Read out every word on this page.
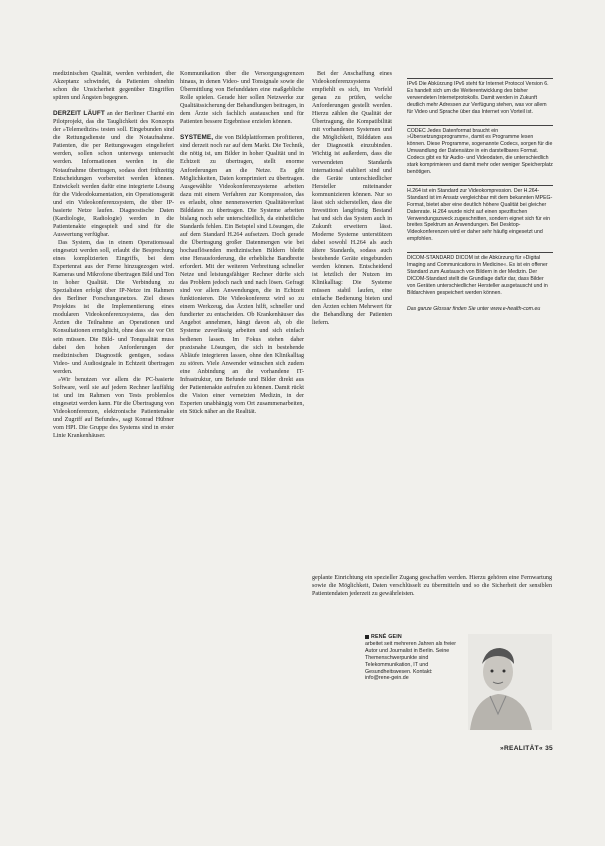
medizinischen Qualität, werden verhindert, die Akzeptanz schwindet, da Patienten ohnehin schon die Unsicherheit gegenüber Eingriffen spüren und Ängsten begegnen.

DERZEIT LÄUFT an der Berliner Charité ein Pilotprojekt, das die Tauglichkeit des Konzepts der »Telemedizin« testen soll. Eingebunden sind die Rettungsdienste und die Notaufnahme. Patienten, die per Rettungswagen eingeliefert werden, sollen schon unterwegs untersucht werden. Informationen werden in die Notaufnahme übertragen, sodass dort frühzeitig Entscheidungen vorbereitet werden können. Entwickelt werden dafür eine integrierte Lösung für die Videodokumentation, ein Operationsgerät und ein Videokonferenzsystem, die über IP-basierte Netze laufen. Diagnostische Daten (Kardiologie, Radiologie) werden in die Patientenakte eingespielt und sind für die Auswertung verfügbar.

Das System, das in einem Operationssaal eingesetzt werden soll, erlaubt die Besprechung eines komplizierten Eingriffs, bei dem Expertenrat aus der Ferne hinzugezogen wird. Kameras und Mikrofone übertragen Bild und Ton in hoher Qualität. Die Verbindung zu Spezialisten erfolgt über IP-Netze im Rahmen des Berliner Forschungsnetzes. Ziel dieses Projektes ist die Implementierung eines modularen Videokonferenzsystems, das den Ärzten die Teilnahme an Operationen und Konsultationen ermöglicht, ohne dass sie vor Ort sein müssen. Die Bild- und Tonqualität muss dabei den hohen Anforderungen der medizinischen Diagnostik genügen, sodass Video- und Audiosignale in Echtzeit übertragen werden.

»Wir benutzen vor allem die PC-basierte Software, weil sie auf jedem Rechner lauffähig ist und im Rahmen von Tests problemlos eingesetzt werden kann. Für die Übertragung von Videokonferenzen, elektronische Patientenakte und Zugriff auf Befunde«, sagt Konrad Hübner vom HPI. Die Gruppe des Systems sind in erster Linie Krankenhäuser.

Kommunikation über die Versorgungsgrenzen hinaus, in denen Video- und Tonsignale sowie die Übermittlung von Befunddaten eine maßgebliche Rolle spielen. Gerade hier sollen Netzwerke zur Qualitätssicherung der Behandlungen beitragen, in dem Ärzte sich fachlich austauschen und für Patienten bessere Ergebnisse erzielen können.

SYSTEME, die von Bildplattformen profitieren, sind derzeit noch rar auf dem Markt. Die Technik, die nötig ist, um Bilder in hoher Qualität und in Echtzeit zu übertragen, stellt enorme Anforderungen an die Netze. Es gibt Möglichkeiten, Daten komprimiert zu übertragen. Ausgewählte Videokonferenzsysteme arbeiten dazu mit einem Verfahren zur Kompression, das es erlaubt, ohne nennenswerten Qualitätsverlust Bilddaten zu übertragen. Die Systeme arbeiten bislang noch sehr unterschiedlich, da einheitliche Standards fehlen. Ein Beispiel sind Lösungen, die auf dem Standard H.264 aufsetzen. Doch gerade die Übertragung großer Datenmengen wie bei hochauflösenden medizinischen Bildern bleibt eine Herausforderung, die erhebliche Bandbreite erfordert. Mit der weiteren Verbreitung schneller Netze und leistungsfähiger Rechner dürfte sich das Problem jedoch nach und nach lösen. Gefragt sind vor allem Anwendungen, die in Echtzeit funktionieren. Die Videokonferenz wird so zu einem Werkzeug, das Ärzten hilft, schneller und fundierter zu entscheiden. Ob Krankenhäuser das Angebot annehmen, hängt davon ab, ob die Systeme zuverlässig arbeiten und sich einfach bedienen lassen. Im Fokus stehen daher praxisnahe Lösungen, die sich in bestehende Abläufe integrieren lassen, ohne den Klinikalltag zu stören. Viele Anwender wünschen sich zudem eine Anbindung an die vorhandene IT-Infrastruktur, um Befunde und Bilder direkt aus der Patientenakte aufrufen zu können. Damit rückt die Vision einer vernetzten Medizin, in der Experten unabhängig vom Ort zusammenarbeiten, ein Stück näher an die Realität.

Bei der Anschaffung eines Videokonferenzsystems empfiehlt es sich, im Vorfeld genau zu prüfen, welche Anforderungen gestellt werden. Hierzu zählen die Qualität der Übertragung, die Kompatibilität mit vorhandenen Systemen und die Möglichkeit, Bilddaten aus der Diagnostik einzubinden. Wichtig ist außerdem, dass die verwendeten Standards international etabliert sind und die Geräte unterschiedlicher Hersteller miteinander kommunizieren können. Nur so lässt sich sicherstellen, dass die Investition langfristig Bestand hat und sich das System auch in Zukunft erweitern lässt. Moderne Systeme unterstützen dabei sowohl H.264 als auch ältere Standards, sodass auch bestehende Geräte eingebunden werden können. Entscheidend ist letztlich der Nutzen im Klinikalltag: Die Systeme müssen stabil laufen, eine einfache Bedienung bieten und den Ärzten echten Mehrwert für die Behandlung der Patienten liefern.

geplante Einrichtung ein spezieller Zugang geschaffen werden. Hierzu gehören eine Fernwartung sowie die Möglichkeit, Daten verschlüsselt zu übermitteln und so die Sicherheit der sensiblen Patientendaten jederzeit zu gewährleisten.

IPv6 Die Abkürzung IPv6 steht für Internet Protocol Version 6. Es handelt sich um die Weiterentwicklung des bisher verwendeten Internetprotokolls. Damit werden in Zukunft deutlich mehr Adressen zur Verfügung stehen, was vor allem für Video und Sprache über das Internet von Vorteil ist.

CODEC Jedes Datenformat braucht ein »Übersetzungsprogramm«, damit es Programme lesen können. Diese Programme, sogenannte Codecs, sorgen für die Umwandlung der Datensätze in ein darstellbares Format. Codecs gibt es für Audio- und Videodaten, die unterschiedlich stark komprimieren und damit mehr oder weniger Speicherplatz benötigen.

H.264 ist ein Standard zur Videokompression. Der H.264-Standard ist im Ansatz vergleichbar mit dem bekannten MPEG-Format, bietet aber eine deutlich höhere Qualität bei gleicher Datenrate. H.264 wurde nicht auf einen spezifischen Verwendungszweck zugeschnitten, sondern eignet sich für ein breites Spektrum an Anwendungen. Bei Desktop-Videokonferenzen wird er daher sehr häufig eingesetzt und empfohlen.

DICOM-STANDARD DICOM ist die Abkürzung für »Digital Imaging and Communications in Medicine«. Es ist ein offener Standard zum Austausch von Bildern in der Medizin. Der DICOM-Standard stellt die Grundlage dafür dar, dass Bilder von Geräten unterschiedlicher Hersteller ausgetauscht und in Bildarchiven gespeichert werden können.

Das ganze Glossar finden Sie unter www.e-health-com.eu

RENÉ GEIN

arbeitet seit mehreren Jahren als freier Autor und Journalist in Berlin. Seine Themenschwerpunkte sind Telekommunikation, IT und Gesundheitswesen. Kontakt: info@rene-gein.de

»REALITÄT« 35
